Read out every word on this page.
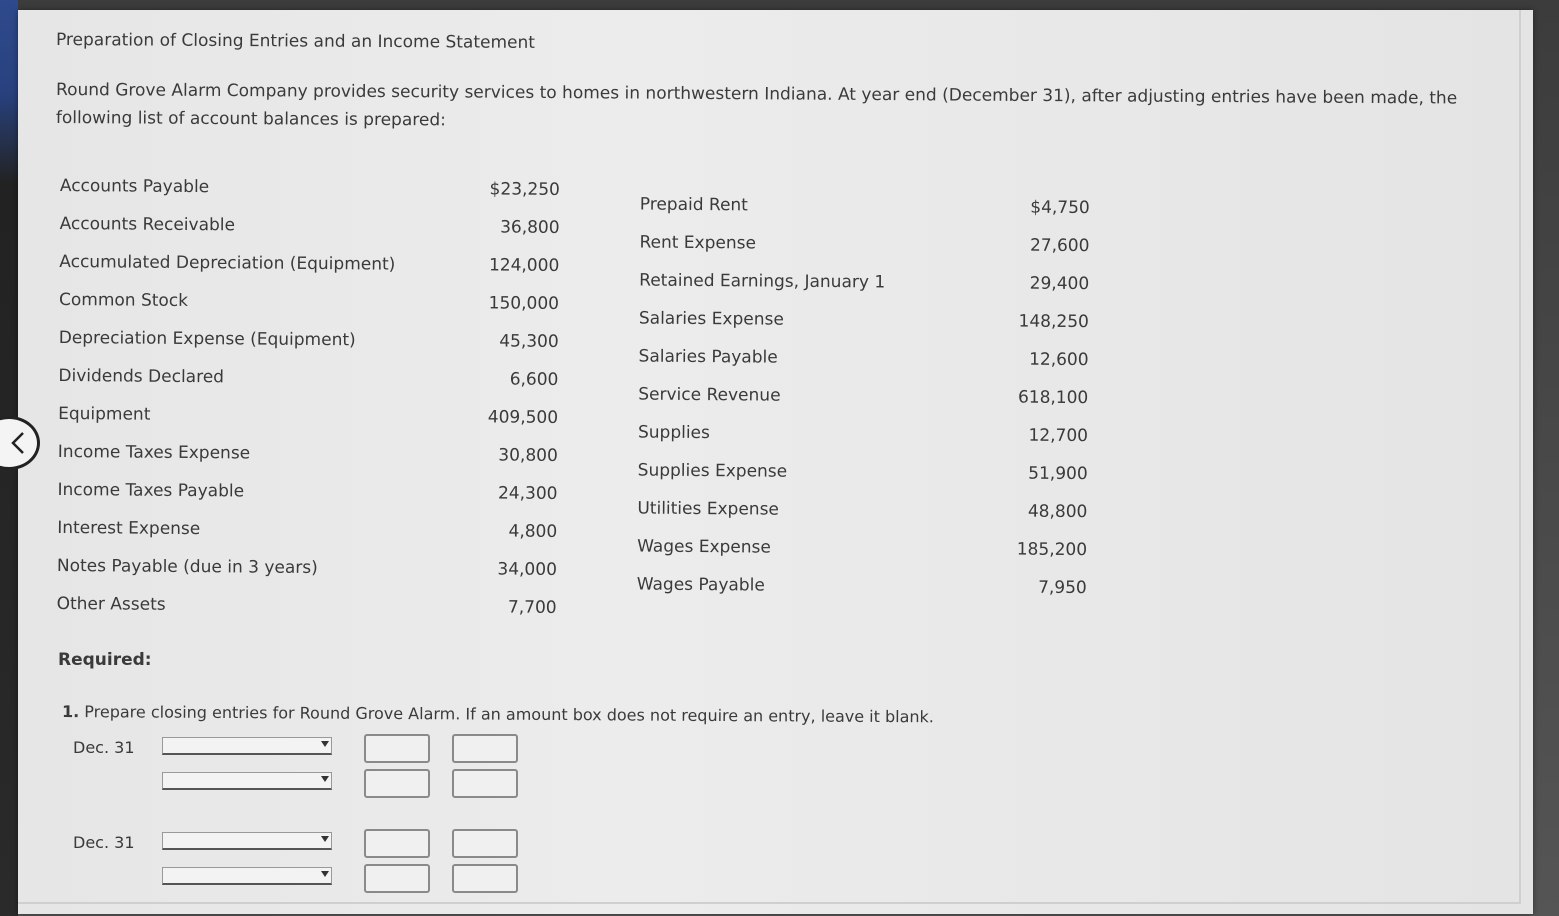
Preparation of Closing Entries and an Income Statement
Round Grove Alarm Company provides security services to homes in northwestern Indiana. At year end (December 31), after adjusting entries have been made, the following list of account balances is prepared:
Accounts Payable	$23,250
Accounts Receivable	36,800
Accumulated Depreciation (Equipment)	124,000
Common Stock	150,000
Depreciation Expense (Equipment)	45,300
Dividends Declared	6,600
Equipment	409,500
Income Taxes Expense	30,800
Income Taxes Payable	24,300
Interest Expense	4,800
Notes Payable (due in 3 years)	34,000
Other Assets	7,700
Prepaid Rent	$4,750
Rent Expense	27,600
Retained Earnings, January 1	29,400
Salaries Expense	148,250
Salaries Payable	12,600
Service Revenue	618,100
Supplies	12,700
Supplies Expense	51,900
Utilities Expense	48,800
Wages Expense	185,200
Wages Payable	7,950
Required:
1. Prepare closing entries for Round Grove Alarm. If an amount box does not require an entry, leave it blank.
Dec. 31
Dec. 31
